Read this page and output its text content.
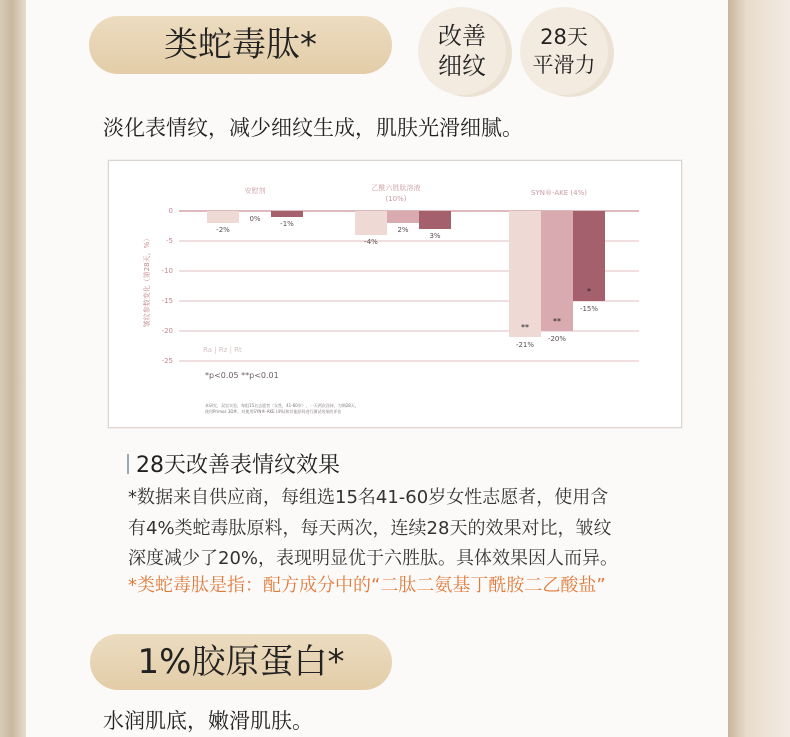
类蛇毒肽*	改善
细纹
28天
平滑力
淡化表情纹，减少细纹生成，肌肤光滑细腻。
安慰剂	乙酰六胜肽溶液
(10%)
SYN®-AKE (4%)
0
-5
-10
-15
-20
-25
皱纹参数变化（第28天，%）
-2%
0%
-1%
-4%
2%
3%
-21%
**
-20%
**
-15%
*
Ra | Rz | Rt
*p<0.05 **p<0.01
本研究，双盲实验，每组15名志愿者（女性，41-60岁），一天两次涂抹，为期28天。
使用Primos 3D®，对使用SYN®-AKE (4%)和其他原料进行测试效果的评估
28天改善表情纹效果
*数据来自供应商，每组选15名41-60岁女性志愿者，使用含
有4%类蛇毒肽原料，每天两次，连续28天的效果对比，皱纹
深度减少了20%，表现明显优于六胜肽。具体效果因人而异。
*类蛇毒肽是指：配方成分中的“二肽二氨基丁酰胺二乙酸盐”
1%胶原蛋白*
水润肌底，嫩滑肌肤。
